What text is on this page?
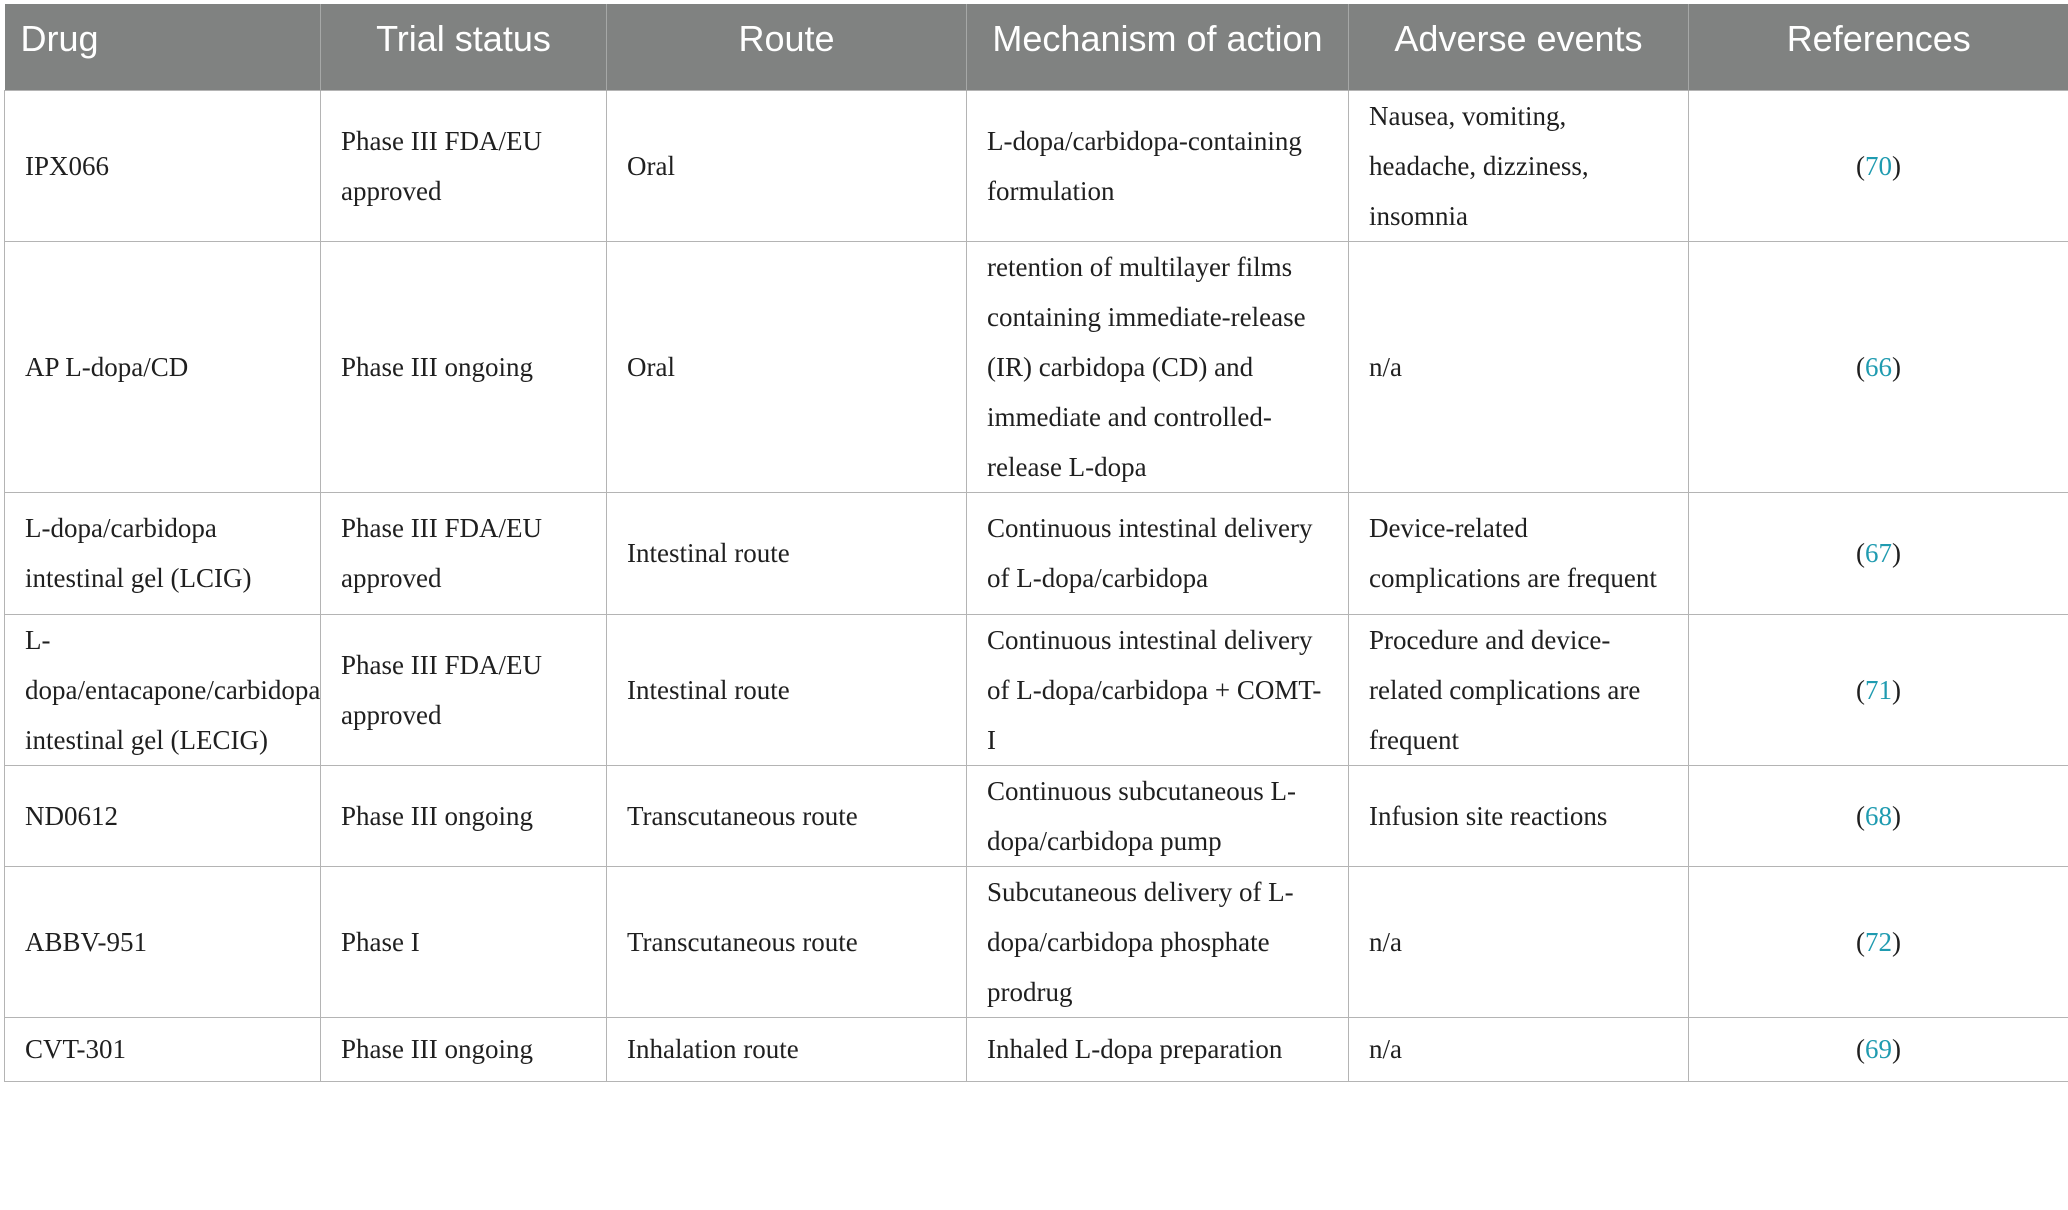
Drug	Trial status	Route	Mechanism of action	Adverse events	References
IPX066	Phase III FDA/EU approved	Oral	L-dopa/carbidopa-containing formulation	Nausea, vomiting, headache, dizziness, insomnia	(70)
AP L-dopa/CD	Phase III ongoing	Oral	retention of multilayer films containing immediate-release (IR) carbidopa (CD) and immediate and controlled-release L-dopa	n/a	(66)
L-dopa/carbidopa intestinal gel (LCIG)	Phase III FDA/EU approved	Intestinal route	Continuous intestinal delivery of L-dopa/carbidopa	Device-related complications are frequent	(67)
L-dopa/entacapone/carbidopa intestinal gel (LECIG)	Phase III FDA/EU approved	Intestinal route	Continuous intestinal delivery of L-dopa/carbidopa + COMT-I	Procedure and device-related complications are frequent	(71)
ND0612	Phase III ongoing	Transcutaneous route	Continuous subcutaneous L-dopa/carbidopa pump	Infusion site reactions	(68)
ABBV-951	Phase I	Transcutaneous route	Subcutaneous delivery of L-dopa/carbidopa phosphate prodrug	n/a	(72)
CVT-301	Phase III ongoing	Inhalation route	Inhaled L-dopa preparation	n/a	(69)
